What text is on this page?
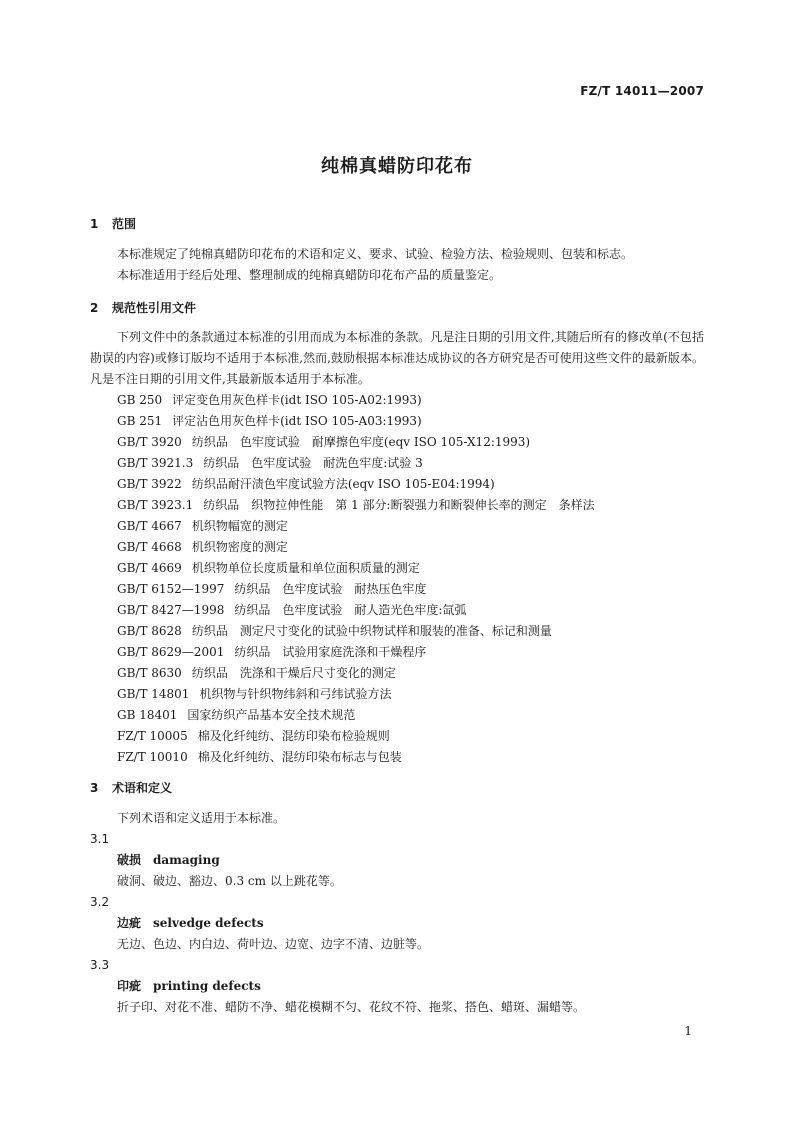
FZ/T 14011—2007
纯棉真蜡防印花布

1 范围

本标准规定了纯棉真蜡防印花布的术语和定义、要求、试验、检验方法、检验规则、包装和标志。

本标准适用于经后处理、整理制成的纯棉真蜡防印花布产品的质量鉴定。

2 规范性引用文件

下列文件中的条款通过本标准的引用而成为本标准的条款。凡是注日期的引用文件,其随后所有的修改单(不包括勘误的内容)或修订版均不适用于本标准,然而,鼓励根据本标准达成协议的各方研究是否可使用这些文件的最新版本。凡是不注日期的引用文件,其最新版本适用于本标准。

GB 250 评定变色用灰色样卡(idt ISO 105-A02:1993)

GB 251 评定沾色用灰色样卡(idt ISO 105-A03:1993)

GB/T 3920 纺织品　色牢度试验　耐摩擦色牢度(eqv ISO 105-X12:1993)

GB/T 3921.3 纺织品　色牢度试验　耐洗色牢度:试验 3

GB/T 3922 纺织品耐汗渍色牢度试验方法(eqv ISO 105-E04:1994)

GB/T 3923.1 纺织品　织物拉伸性能　第 1 部分:断裂强力和断裂伸长率的测定　条样法

GB/T 4667 机织物幅宽的测定

GB/T 4668 机织物密度的测定

GB/T 4669 机织物单位长度质量和单位面积质量的测定

GB/T 6152—1997 纺织品　色牢度试验　耐热压色牢度

GB/T 8427—1998 纺织品　色牢度试验　耐人造光色牢度:氙弧

GB/T 8628 纺织品　测定尺寸变化的试验中织物试样和服装的准备、标记和测量

GB/T 8629—2001 纺织品　试验用家庭洗涤和干燥程序

GB/T 8630 纺织品　洗涤和干燥后尺寸变化的测定

GB/T 14801 机织物与针织物纬斜和弓纬试验方法

GB 18401 国家纺织产品基本安全技术规范

FZ/T 10005 棉及化纤纯纺、混纺印染布检验规则

FZ/T 10010 棉及化纤纯纺、混纺印染布标志与包装

3 术语和定义

下列术语和定义适用于本标准。

3.1

破损 damaging

破洞、破边、豁边、0.3 cm 以上跳花等。

3.2

边疵 selvedge defects

无边、色边、内白边、荷叶边、边宽、边字不清、边脏等。

3.3

印疵 printing defects

折子印、对花不准、蜡防不净、蜡花模糊不匀、花纹不符、拖浆、搭色、蜡斑、漏蜡等。

1
